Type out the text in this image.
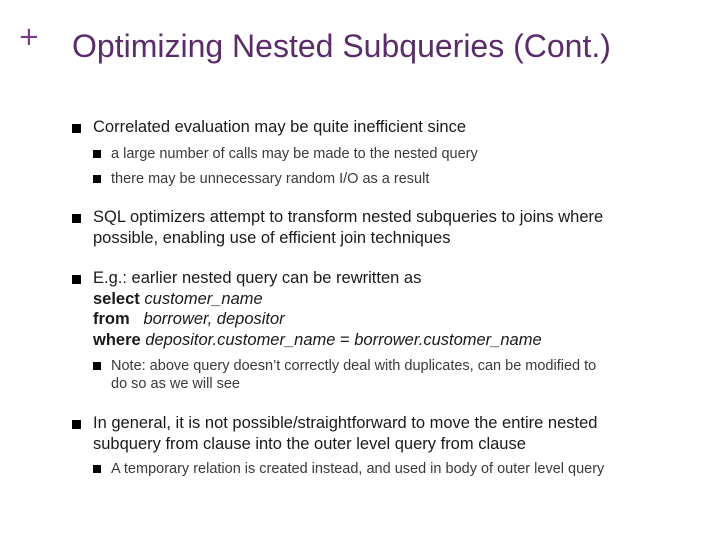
+ Optimizing Nested Subqueries (Cont.)
Correlated evaluation may be quite inefficient since
a large number of calls may be made to the nested query
there may be unnecessary random I/O as a result
SQL optimizers attempt to transform nested subqueries to joins where
possible, enabling use of efficient join techniques
E.g.: earlier nested query can be rewritten as
select customer_name
from borrower, depositor
where depositor.customer_name = borrower.customer_name
Note: above query doesn’t correctly deal with duplicates, can be modified to
do so as we will see
In general, it is not possible/straightforward to move the entire nested
subquery from clause into the outer level query from clause
A temporary relation is created instead, and used in body of outer level query
